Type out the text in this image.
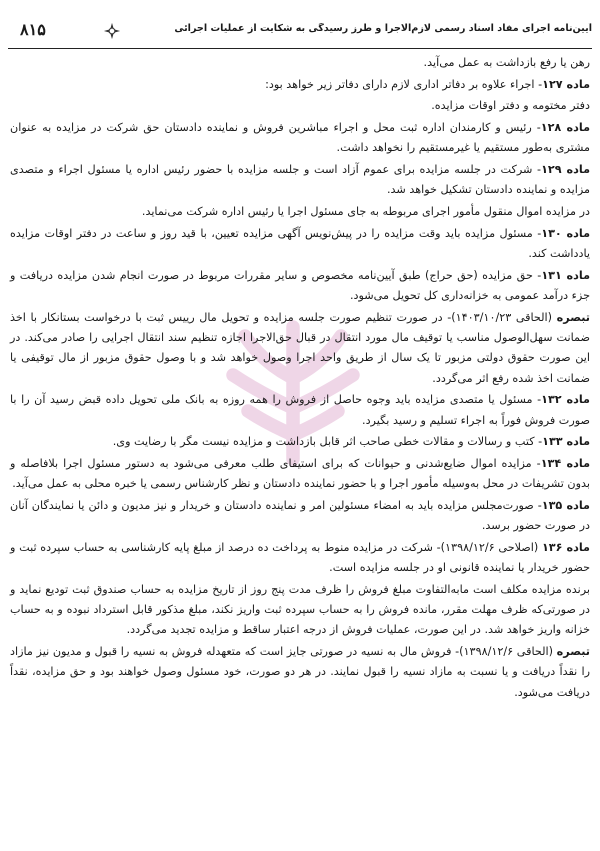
۸۱۵	آیین‌نامه اجرای مفاد اسناد رسمی لازم‌الاجرا و طرز رسیدگی به شکایت از عملیات اجرائی

رهن یا رفع بازداشت به عمل می‌آید.

ماده ۱۲۷- اجراء علاوه بر دفاتر اداری لازم دارای دفاتر زیر خواهد بود:

دفتر مختومه و دفتر اوقات مزایده.

ماده ۱۲۸- رئیس و کارمندان اداره ثبت محل و اجراء مباشرین فروش و نماینده دادستان حق شرکت در مزایده به عنوان مشتری به‌طور مستقیم یا غیرمستقیم را نخواهد داشت.

ماده ۱۲۹- شرکت در جلسه مزایده برای عموم آزاد است و جلسه مزایده با حضور رئیس اداره یا مسئول اجراء و متصدی مزایده و نماینده دادستان تشکیل خواهد شد.

در مزایده اموال منقول مأمور اجرای مربوطه به جای مسئول اجرا یا رئیس اداره شرکت می‌نماید.

ماده ۱۳۰- مسئول مزایده باید وقت مزایده را در پیش‌نویس آگهی مزایده تعیین، با قید روز و ساعت در دفتر اوقات مزایده یادداشت کند.

ماده ۱۳۱- حق مزایده (حق حراج) طبق آیین‌نامه مخصوص و سایر مقررات مربوط در صورت انجام شدن مزایده دریافت و جزء درآمد عمومی به خزانه‌داری کل تحویل می‌شود.

تبصره (الحاقی ۱۴۰۳/۱۰/۲۳)- در صورت تنظیم صورت جلسه مزایده و تحویل مال رییس ثبت با درخواست بستانکار با اخذ ضمانت سهل‌الوصول مناسب یا توقیف مال مورد انتقال در قبال حق‌الاجرا اجازه تنظیم سند انتقال اجرایی را صادر می‌کند. در این صورت حقوق دولتی مزبور تا یک سال از طریق واحد اجرا وصول خواهد شد و با وصول حقوق مزبور از مال توقیفی یا ضمانت اخذ شده رفع اثر می‌گردد.

ماده ۱۳۲- مسئول یا متصدی مزایده باید وجوه حاصل از فروش را همه روزه به بانک ملی تحویل داده قبض رسید آن را با صورت فروش فوراً به اجراء تسلیم و رسید بگیرد.

ماده ۱۳۳- کتب و رسالات و مقالات خطی صاحب اثر قابل بازداشت و مزایده نیست مگر با رضایت وی.

ماده ۱۳۴- مزایده اموال ضایع‌شدنی و حیوانات که برای استیفای طلب معرفی می‌شود به دستور مسئول اجرا بلافاصله و بدون تشریفات در محل به‌وسیله مأمور اجرا و با حضور نماینده دادستان و نظر کارشناس رسمی یا خبره محلی به عمل می‌آید.

ماده ۱۳۵- صورت‌مجلس مزایده باید به امضاء مسئولین امر و نماینده دادستان و خریدار و نیز مدیون و دائن یا نمایندگان آنان در صورت حضور برسد.

ماده ۱۳۶ (اصلاحی ۱۳۹۸/۱۲/۶)- شرکت در مزایده منوط به پرداخت ده درصد از مبلغ پایه کارشناسی به حساب سپرده ثبت و حضور خریدار یا نماینده قانونی او در جلسه مزایده است.

برنده مزایده مکلف است مابه‌التفاوت مبلغ فروش را ظرف مدت پنج روز از تاریخ مزایده به حساب صندوق ثبت تودیع نماید و در صورتی‌که ظرف مهلت مقرر، مانده فروش را به حساب سپرده ثبت واریز نکند، مبلغ مذکور قابل استرداد نبوده و به حساب خزانه واریز خواهد شد. در این صورت، عملیات فروش از درجه اعتبار ساقط و مزایده تجدید می‌گردد.

تبصره (الحاقی ۱۳۹۸/۱۲/۶)- فروش مال به نسیه در صورتی جایز است که متعهدله فروش به نسیه را قبول و مدیون نیز مازاد را نقداً دریافت و یا نسبت به مازاد نسیه را قبول نمایند. در هر دو صورت، خود مسئول وصول خواهند بود و حق مزایده، نقداً دریافت می‌شود.
